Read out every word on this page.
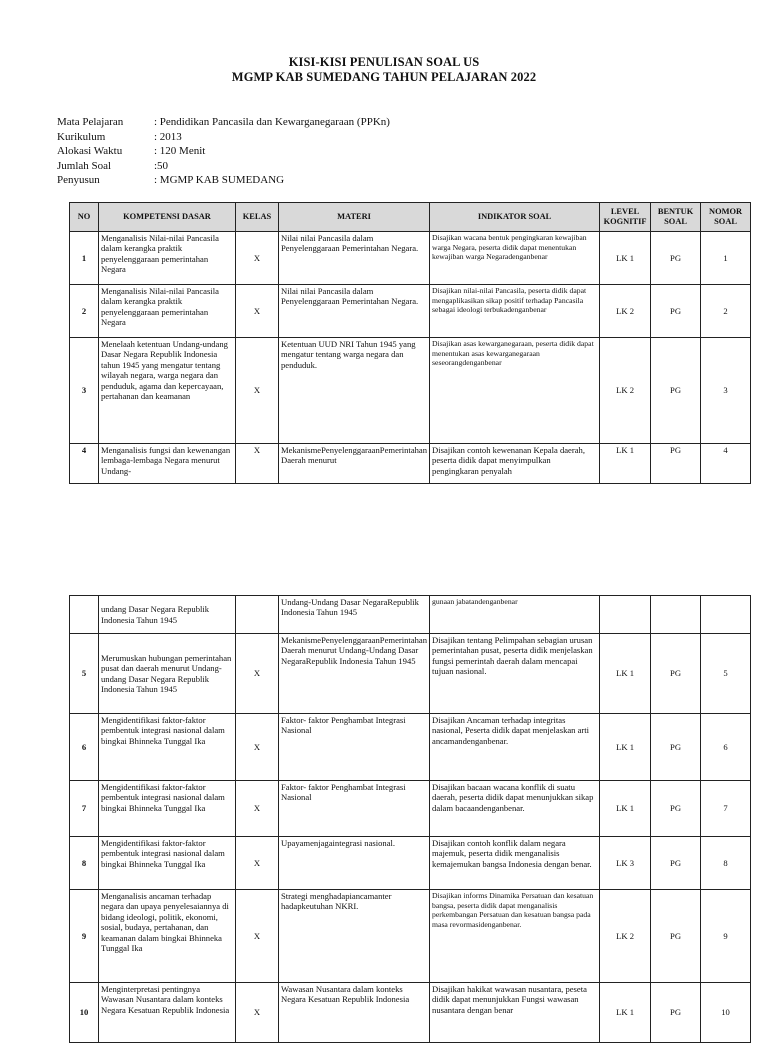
KISI-KISI PENULISAN SOAL US
MGMP KAB SUMEDANG TAHUN PELAJARAN 2022
Mata Pelajaran	: Pendidikan Pancasila dan Kewarganegaraan (PPKn)
Kurikulum	: 2013
Alokasi Waktu	: 120 Menit
Jumlah Soal	:50
Penyusun	: MGMP KAB SUMEDANG
NO	KOMPETENSI DASAR	KELAS	MATERI	INDIKATOR SOAL	LEVEL KOGNITIF	BENTUK SOAL	NOMOR SOAL
1	Menganalisis Nilai-nilai Pancasila dalam kerangka praktik penyelenggaraan pemerintahan Negara	X	Nilai nilai Pancasila dalam Penyelenggaraan Pemerintahan Negara.	Disajikan wacana bentuk pengingkaran kewajiban warga Negara, peserta didik dapat menentukan kewajiban warga Negaradenganbenar	LK 1	PG	1
2	Menganalisis Nilai-nilai Pancasila dalam kerangka praktik penyelenggaraan pemerintahan Negara	X	Nilai nilai Pancasila dalam Penyelenggaraan Pemerintahan Negara.	Disajikan nilai-nilai Pancasila, peserta didik dapat mengaplikasikan sikap positif terhadap Pancasila sebagai ideologi terbukadenganbenar	LK 2	PG	2
3	Menelaah ketentuan Undang-undang Dasar Negara Republik Indonesia tahun 1945 yang mengatur tentang wilayah negara, warga negara dan penduduk, agama dan kepercayaan, pertahanan dan keamanan	X	Ketentuan UUD NRI Tahun 1945 yang mengatur tentang warga negara dan penduduk.	Disajikan asas kewarganegaraan, peserta didik dapat menentukan asas kewarganegaraan seseorangdenganbenar	LK 2	PG	3
4	Menganalisis fungsi dan kewenangan lembaga-lembaga Negara menurut Undang-	X	MekanismePenyelenggaraanPemerintahan Daerah menurut	Disajikan contoh kewenanan Kepala daerah, peserta didik dapat menyimpulkan pengingkaran penyalah	LK 1	PG	4
	undang Dasar Negara Republik Indonesia Tahun 1945		Undang-Undang Dasar NegaraRepublik Indonesia Tahun 1945	gunaan jabatandenganbenar			
5	Merumuskan hubungan pemerintahan pusat dan daerah menurut Undang-undang Dasar Negara Republik Indonesia Tahun 1945	X	MekanismePenyelenggaraanPemerintahan Daerah menurut Undang-Undang Dasar NegaraRepublik Indonesia Tahun 1945	Disajikan tentang Pelimpahan sebagian urusan pemerintahan pusat, peserta didik menjelaskan fungsi pemerintah daerah dalam mencapai tujuan nasional.	LK 1	PG	5
6	Mengidentifikasi faktor-faktor pembentuk integrasi nasional dalam bingkai Bhinneka Tunggal Ika	X	Faktor- faktor Penghambat Integrasi Nasional	Disajikan Ancaman terhadap integritas nasional, Peserta didik dapat menjelaskan arti ancamandenganbenar.	LK 1	PG	6
7	Mengidentifikasi faktor-faktor pembentuk integrasi nasional dalam bingkai Bhinneka Tunggal Ika	X	Faktor- faktor Penghambat Integrasi Nasional	Disajikan bacaan wacana konflik di suatu daerah, peserta didik dapat menunjukkan sikap dalam bacaandenganbenar.	LK 1	PG	7
8	Mengidentifikasi faktor-faktor pembentuk integrasi nasional dalam bingkai Bhinneka Tunggal Ika	X	Upayamenjagaintegrasi nasional.	Disajikan contoh konflik dalam negara majemuk, peserta didik menganalisis kemajemukan bangsa Indonesia dengan benar.	LK 3	PG	8
9	Menganalisis ancaman terhadap negara dan upaya penyelesaiannya di bidang ideologi, politik, ekonomi, sosial, budaya, pertahanan, dan keamanan dalam bingkai Bhinneka Tunggal Ika	X	Strategi menghadapiancamanter hadapkeutuhan NKRI.	Disajikan informs Dinamika Persatuan dan kesatuan bangsa, peserta didik dapat menganalisis perkembangan Persatuan dan kesatuan bangsa pada masa revormasidenganbenar.	LK 2	PG	9
10	Menginterpretasi pentingnya Wawasan Nusantara dalam konteks Negara Kesatuan Republik Indonesia	X	Wawasan Nusantara dalam konteks Negara Kesatuan Republik Indonesia	Disajikan hakikat wawasan nusantara, peseta didik dapat menunjukkan Fungsi wawasan nusantara dengan benar	LK 1	PG	10
